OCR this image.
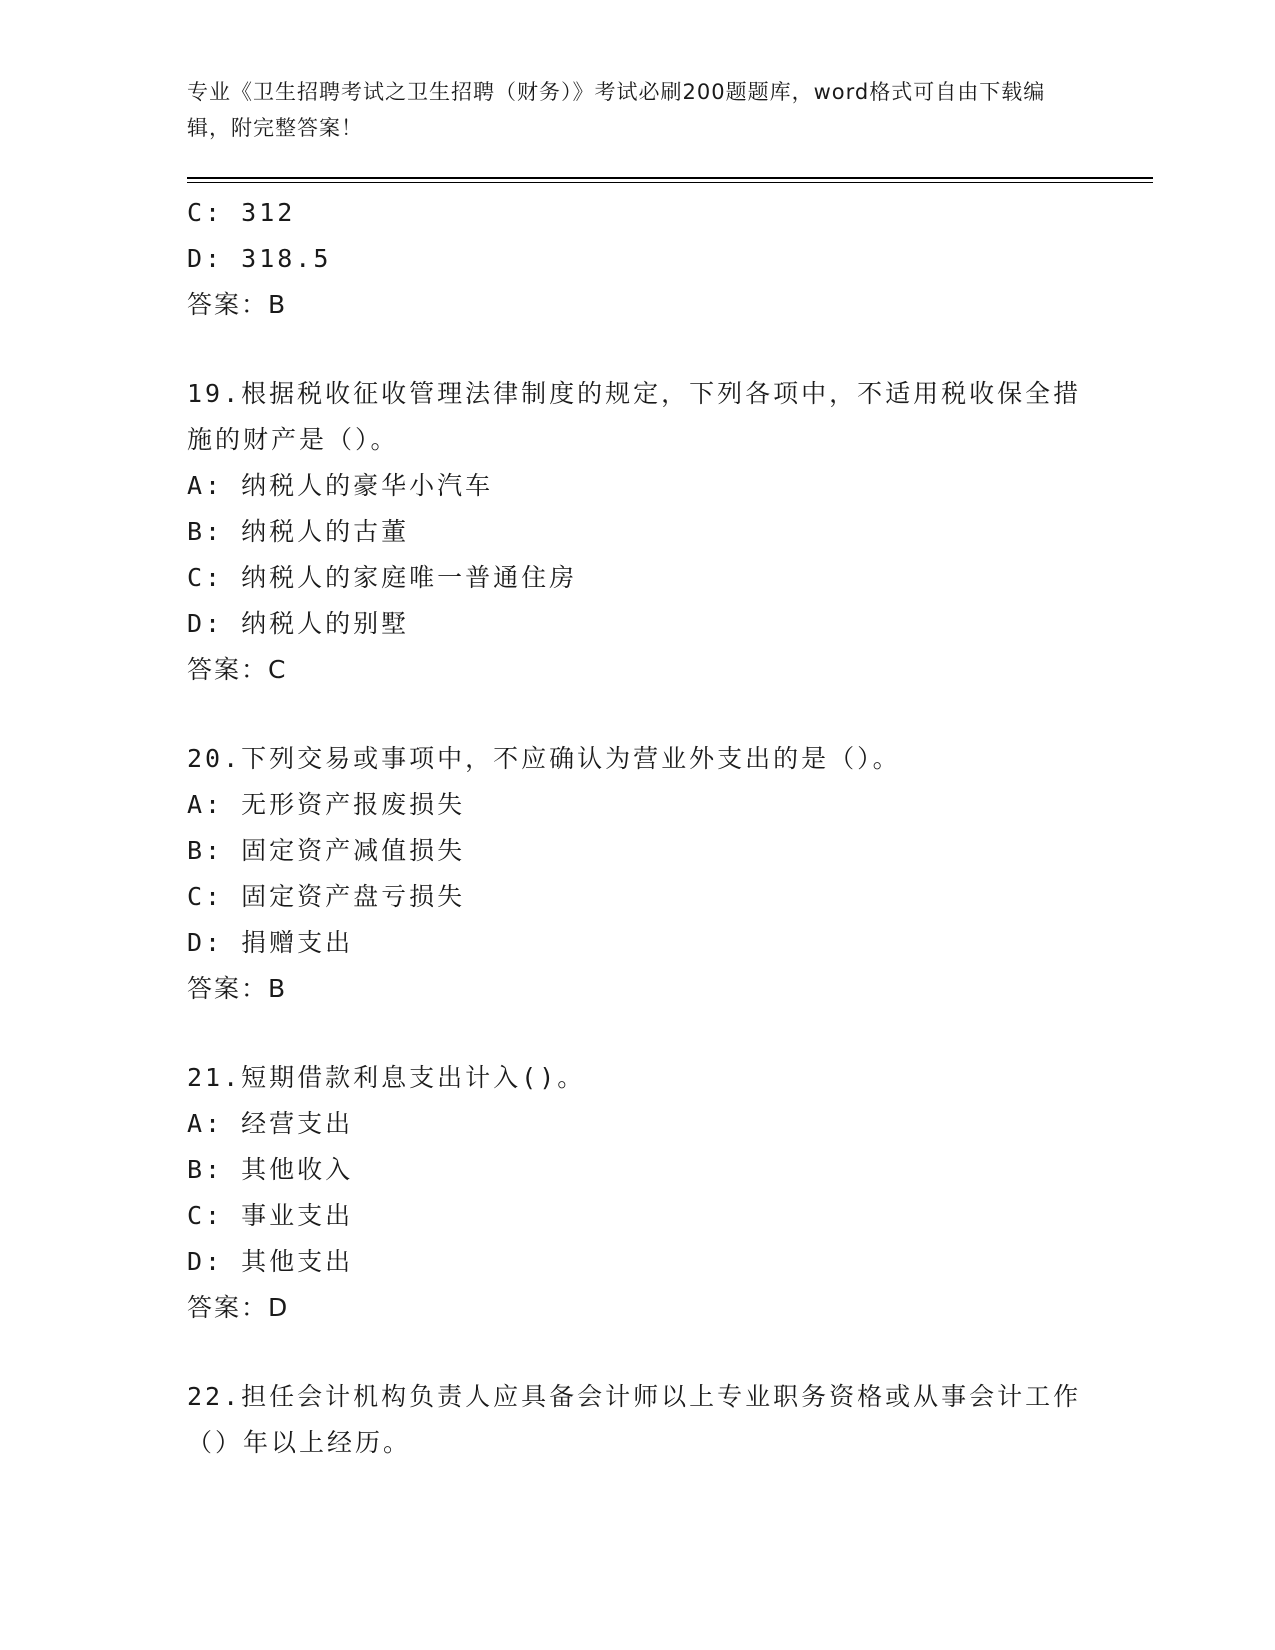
专业《卫生招聘考试之卫生招聘（财务）》考试必刷200题题库，word格式可自由下载编辑，附完整答案！
C: 312
D: 318.5
答案：B
19.根据税收征收管理法律制度的规定，下列各项中，不适用税收保全措施的财产是（）。
A: 纳税人的豪华小汽车
B: 纳税人的古董
C: 纳税人的家庭唯一普通住房
D: 纳税人的别墅
答案：C
20.下列交易或事项中，不应确认为营业外支出的是（）。
A: 无形资产报废损失
B: 固定资产减值损失
C: 固定资产盘亏损失
D: 捐赠支出
答案：B
21.短期借款利息支出计入()。
A: 经营支出
B: 其他收入
C: 事业支出
D: 其他支出
答案：D
22.担任会计机构负责人应具备会计师以上专业职务资格或从事会计工作（）年以上经历。
